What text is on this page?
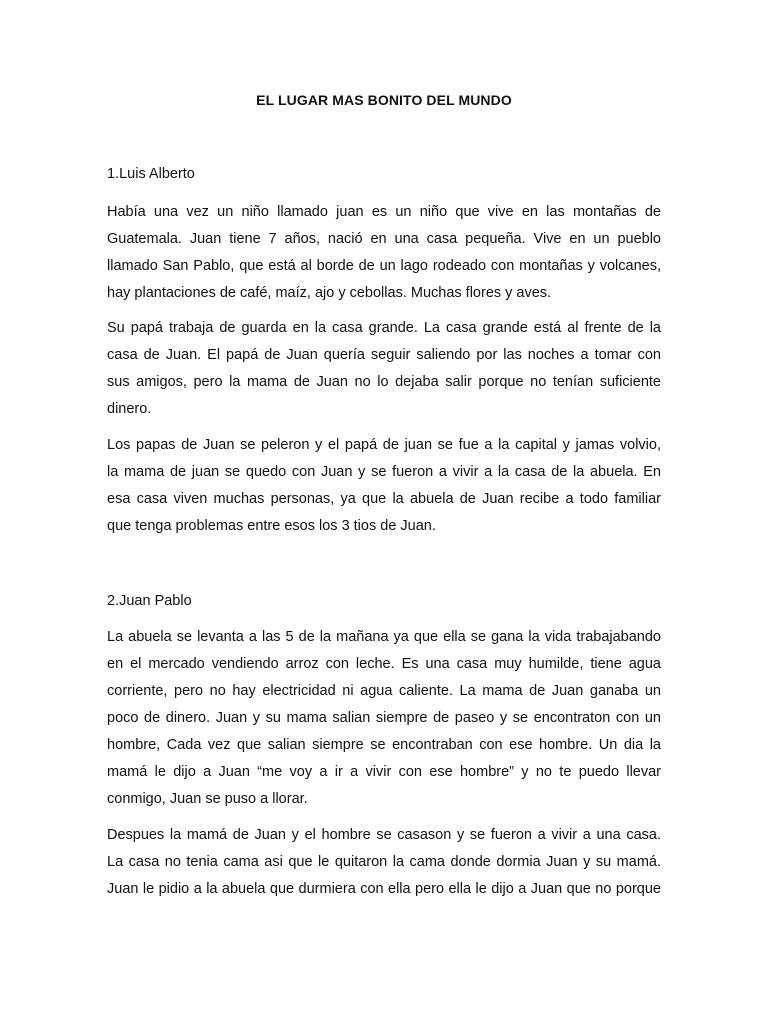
EL LUGAR MAS BONITO DEL MUNDO
1.Luis Alberto
Había una vez un niño llamado juan es un niño que vive en las montañas de
Guatemala. Juan tiene 7 años, nació en una casa pequeña. Vive en un pueblo
llamado San Pablo, que está al borde de un lago rodeado con montañas y volcanes,
hay plantaciones de café, maíz, ajo y cebollas. Muchas flores y aves.
Su papá trabaja de guarda en la casa grande. La casa grande está al frente de la
casa de Juan. El papá de Juan quería seguir saliendo por las noches a tomar con
sus amigos, pero la mama de Juan no lo dejaba salir porque no tenían suficiente
dinero.
Los papas de Juan se peleron y el papá de juan se fue a la capital y jamas volvio,
la mama de juan se quedo con Juan y se fueron a vivir a la casa de la abuela. En
esa casa viven muchas personas, ya que la abuela de Juan recibe a todo familiar
que tenga problemas entre esos los 3 tios de Juan.
2.Juan Pablo
La abuela se levanta a las 5 de la mañana ya que ella se gana la vida trabajabando
en el mercado vendiendo arroz con leche. Es una casa muy humilde, tiene agua
corriente, pero no hay electricidad ni agua caliente. La mama de Juan ganaba un
poco de dinero. Juan y su mama salian siempre de paseo y se encontraton con un
hombre, Cada vez que salian siempre se encontraban con ese hombre. Un dia la
mamá le dijo a Juan “me voy a ir a vivir con ese hombre” y no te puedo llevar
conmigo, Juan se puso a llorar.
Despues la mamá de Juan y el hombre se casason y se fueron a vivir a una casa.
La casa no tenia cama asi que le quitaron la cama donde dormia Juan y su mamá.
Juan le pidio a la abuela que durmiera con ella pero ella le dijo a Juan que no porque
